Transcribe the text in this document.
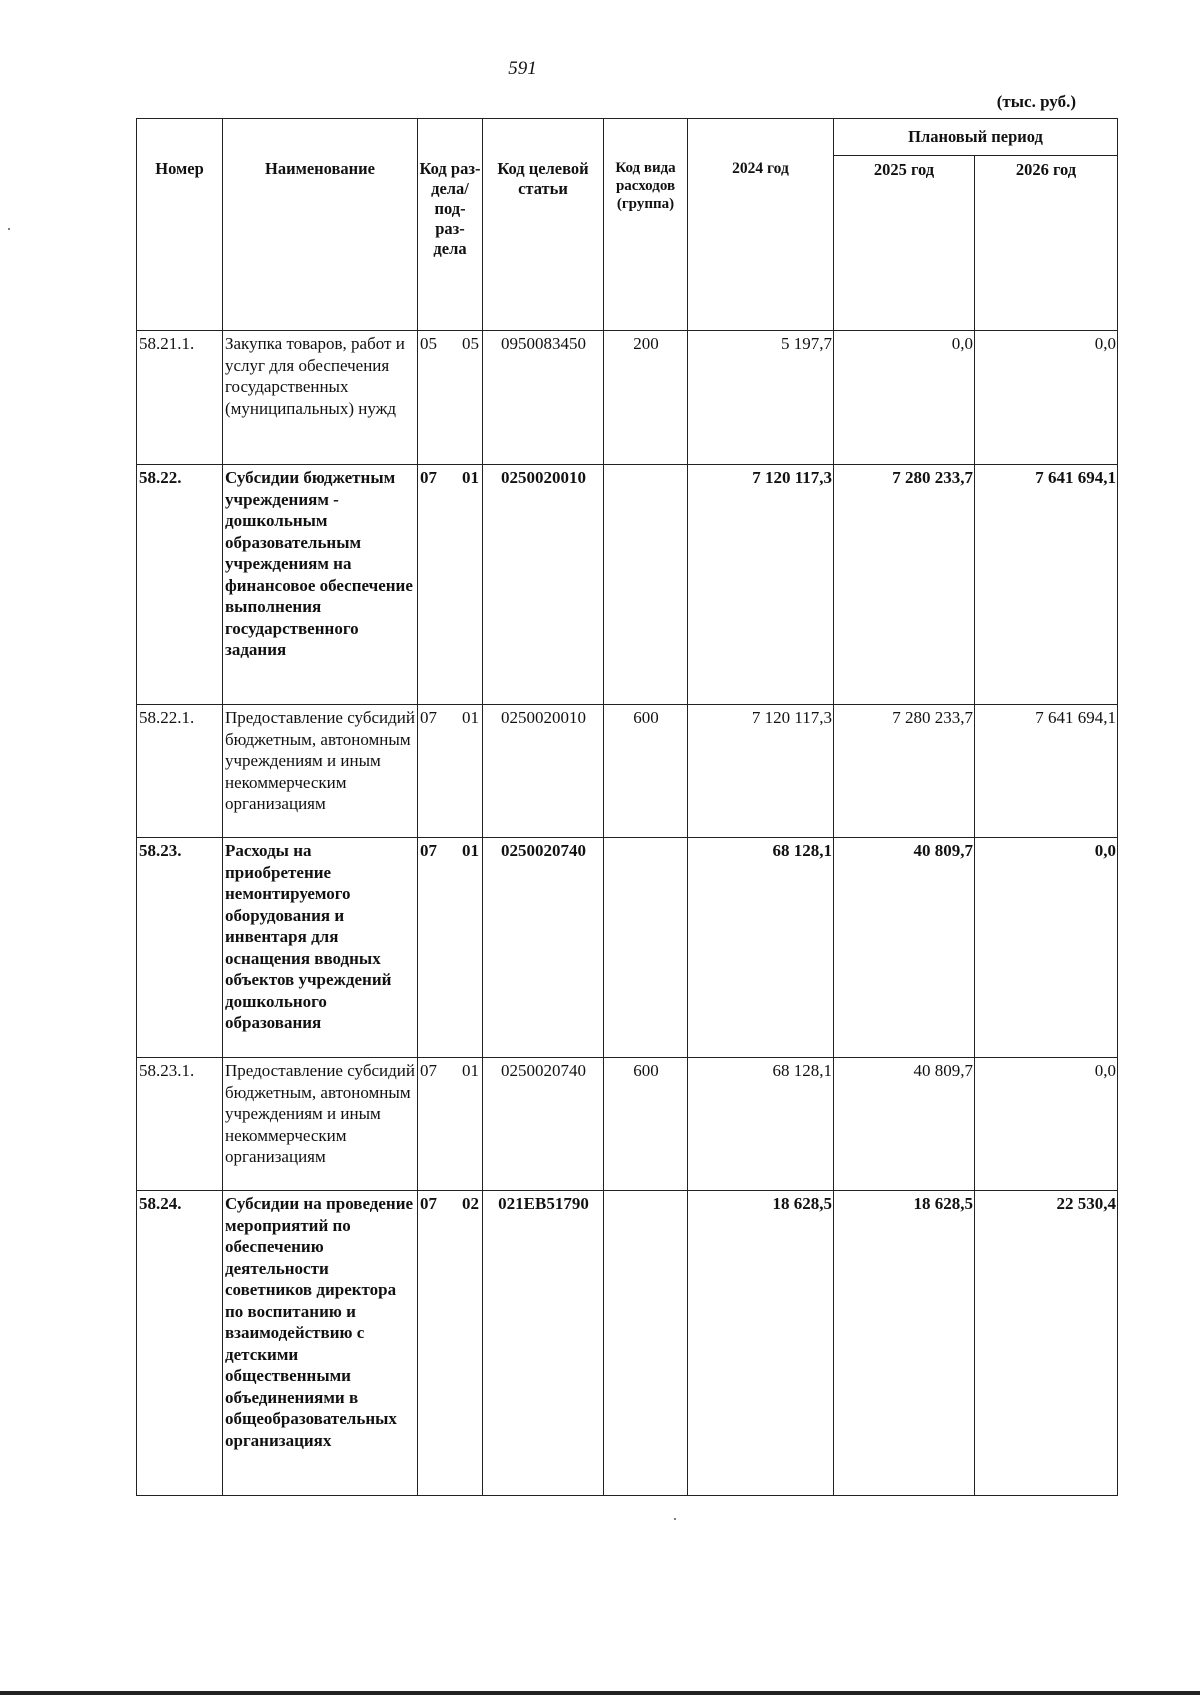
591
(тыс. руб.)
Номер	Наименование	Код раз- дела/ под- раз- дела	Код целевой статьи	Код вида расходов (группа)	2024 год	Плановый период	
						2025 год	2026 год
58.21.1.	Закупка товаров, работ и услуг для обеспечения государственных (муниципальных) нужд	05 05	0950083450	200	5 197,7	0,0	0,0
58.22.	Субсидии бюджетным учреждениям - дошкольным образовательным учреждениям на финансовое обеспечение выполнения государственного задания	07 01	0250020010		7 120 117,3	7 280 233,7	7 641 694,1
58.22.1.	Предоставление субсидий бюджетным, автономным учреждениям и иным некоммерческим организациям	07 01	0250020010	600	7 120 117,3	7 280 233,7	7 641 694,1
58.23.	Расходы на приобретение немонтируемого оборудования и инвентаря для оснащения вводных объектов учреждений дошкольного образования	07 01	0250020740		68 128,1	40 809,7	0,0
58.23.1.	Предоставление субсидий бюджетным, автономным учреждениям и иным некоммерческим организациям	07 01	0250020740	600	68 128,1	40 809,7	0,0
58.24.	Субсидии на проведение мероприятий по обеспечению деятельности советников директора по воспитанию и взаимодействию с детскими общественными объединениями в общеобразовательных организациях	07 02	021EB51790		18 628,5	18 628,5	22 530,4
